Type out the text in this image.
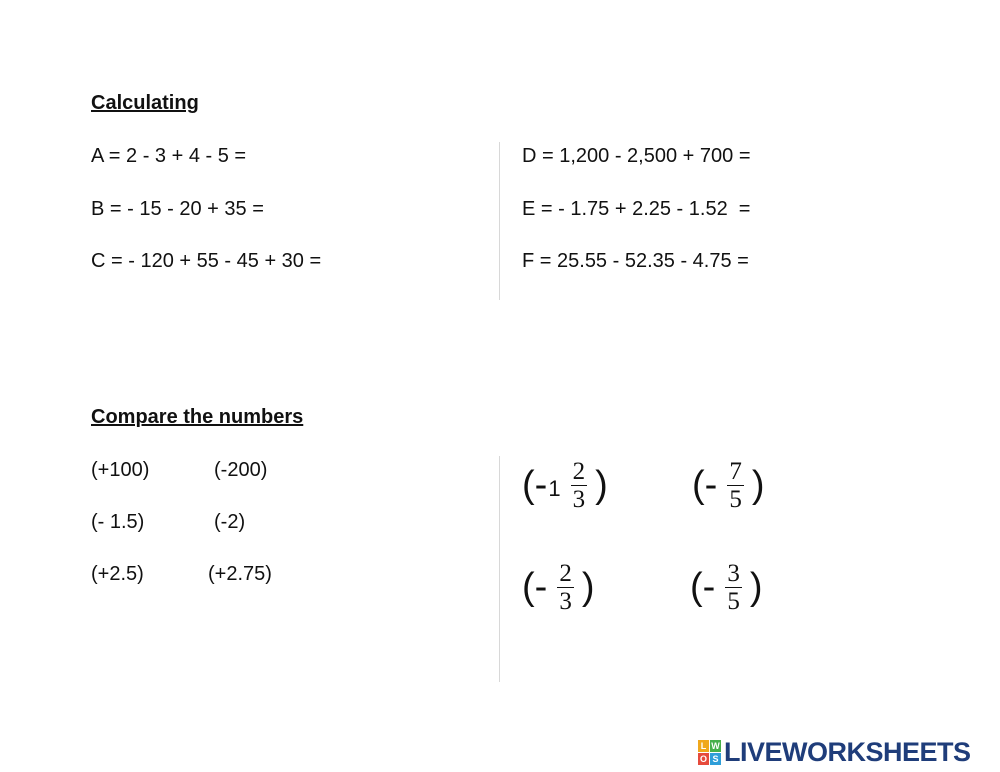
Calculating
A = 2 - 3 + 4 - 5 =
B = - 15 - 20 + 35 =
C = - 120 + 55 - 45 + 30 =
D = 1,200 - 2,500 + 700 =
E = - 1.75 + 2.25 - 1.52  =
F = 25.55 - 52.35 - 4.75 =
Compare the numbers
(+100)	(-200)
(- 1.5)	(-2)
(+2.5)	(+2.75)
(- $1 \frac{2}{3}$ ) (- $\frac{7}{5}$ )
(- $\frac{2}{3}$ )	(- $\frac{3}{5}$ )
L W
O S LIVEWORKSHEETS
